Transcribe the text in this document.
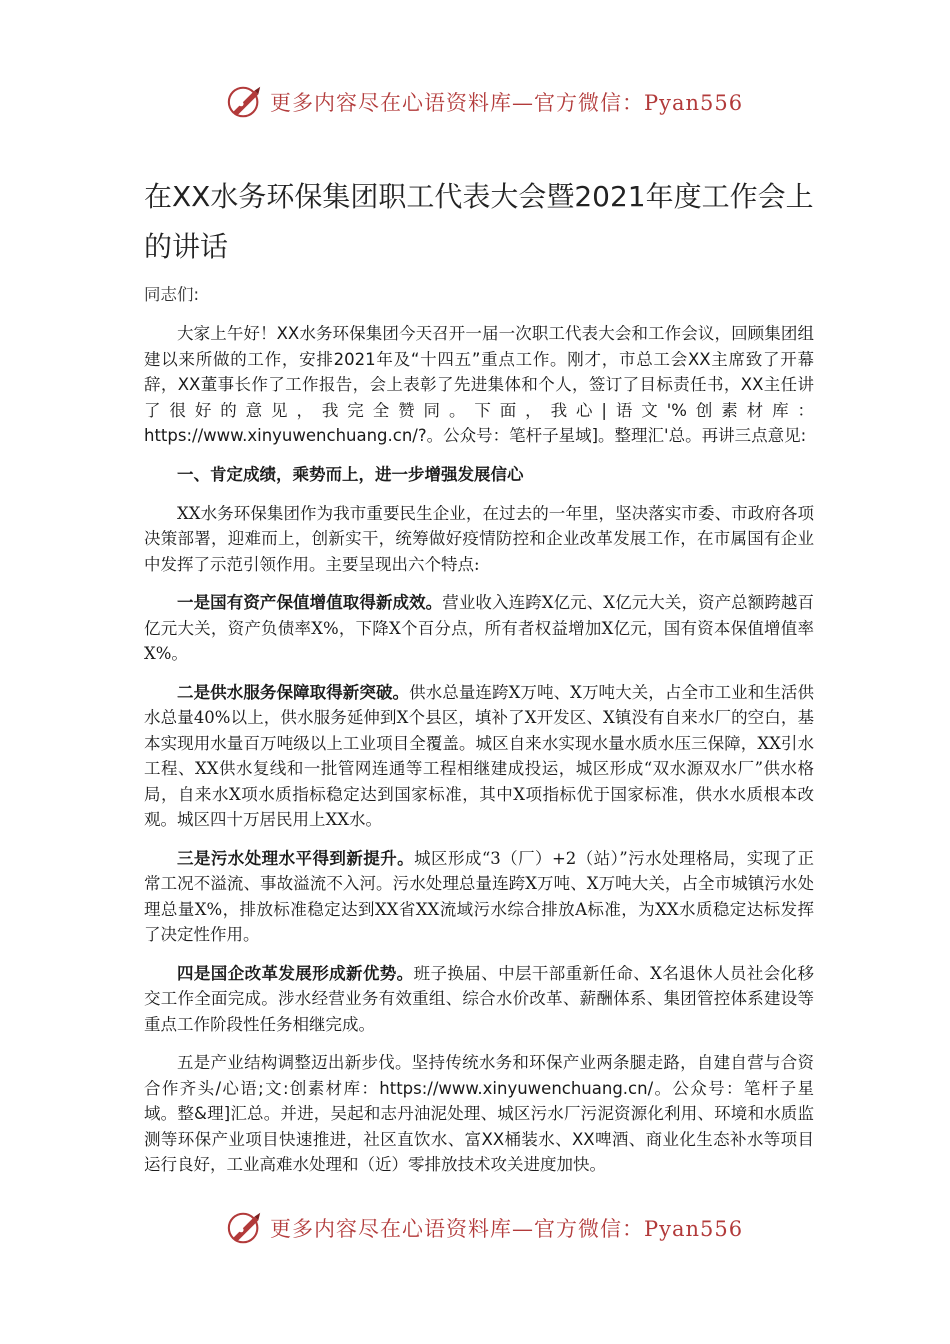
更多内容尽在心语资料库—官方微信：Pyan556
在XX水务环保集团职工代表大会暨2021年度工作会上的讲话

同志们:

大家上午好！XX水务环保集团今天召开一届一次职工代表大会和工作会议，回顾集团组建以来所做的工作，安排2021年及“十四五”重点工作。刚才，市总工会XX主席致了开幕辞，XX董事长作了工作报告，会上表彰了先进集体和个人，签订了目标责任书，XX主任讲了很好的意见，我完全赞同。下面，我心|语文'%创素材库：https://www.xinyuwenchuang.cn/?。公众号：笔杆子星域]。整理汇'总。再讲三点意见:

一、肯定成绩，乘势而上，进一步增强发展信心

XX水务环保集团作为我市重要民生企业，在过去的一年里，坚决落实市委、市政府各项决策部署，迎难而上，创新实干，统筹做好疫情防控和企业改革发展工作，在市属国有企业中发挥了示范引领作用。主要呈现出六个特点:

一是国有资产保值增值取得新成效。营业收入连跨X亿元、X亿元大关，资产总额跨越百亿元大关，资产负债率X%，下降X个百分点，所有者权益增加X亿元，国有资本保值增值率X%。

二是供水服务保障取得新突破。供水总量连跨X万吨、X万吨大关，占全市工业和生活供水总量40%以上，供水服务延伸到X个县区，填补了X开发区、X镇没有自来水厂的空白，基本实现用水量百万吨级以上工业项目全覆盖。城区自来水实现水量水质水压三保障，XX引水工程、XX供水复线和一批管网连通等工程相继建成投运，城区形成“双水源双水厂”供水格局，自来水X项水质指标稳定达到国家标准，其中X项指标优于国家标准，供水水质根本改观。城区四十万居民用上XX水。

三是污水处理水平得到新提升。城区形成“3（厂）+2（站）”污水处理格局，实现了正常工况不溢流、事故溢流不入河。污水处理总量连跨X万吨、X万吨大关，占全市城镇污水处理总量X%，排放标准稳定达到XX省XX流域污水综合排放A标准，为XX水质稳定达标发挥了决定性作用。

四是国企改革发展形成新优势。班子换届、中层干部重新任命、X名退休人员社会化移交工作全面完成。涉水经营业务有效重组、综合水价改革、薪酬体系、集团管控体系建设等重点工作阶段性任务相继完成。

五是产业结构调整迈出新步伐。坚持传统水务和环保产业两条腿走路，自建自营与合资合作齐头/心语;文:创素材库：https://www.xinyuwenchuang.cn/。公众号：笔杆子星域。整&理]汇总。并进，吴起和志丹油泥处理、城区污水厂污泥资源化利用、环境和水质监测等环保产业项目快速推进，社区直饮水、富XX桶装水、XX啤酒、商业化生态补水等项目运行良好，工业高难水处理和（近）零排放技术攻关进度加快。

更多内容尽在心语资料库—官方微信：Pyan556
